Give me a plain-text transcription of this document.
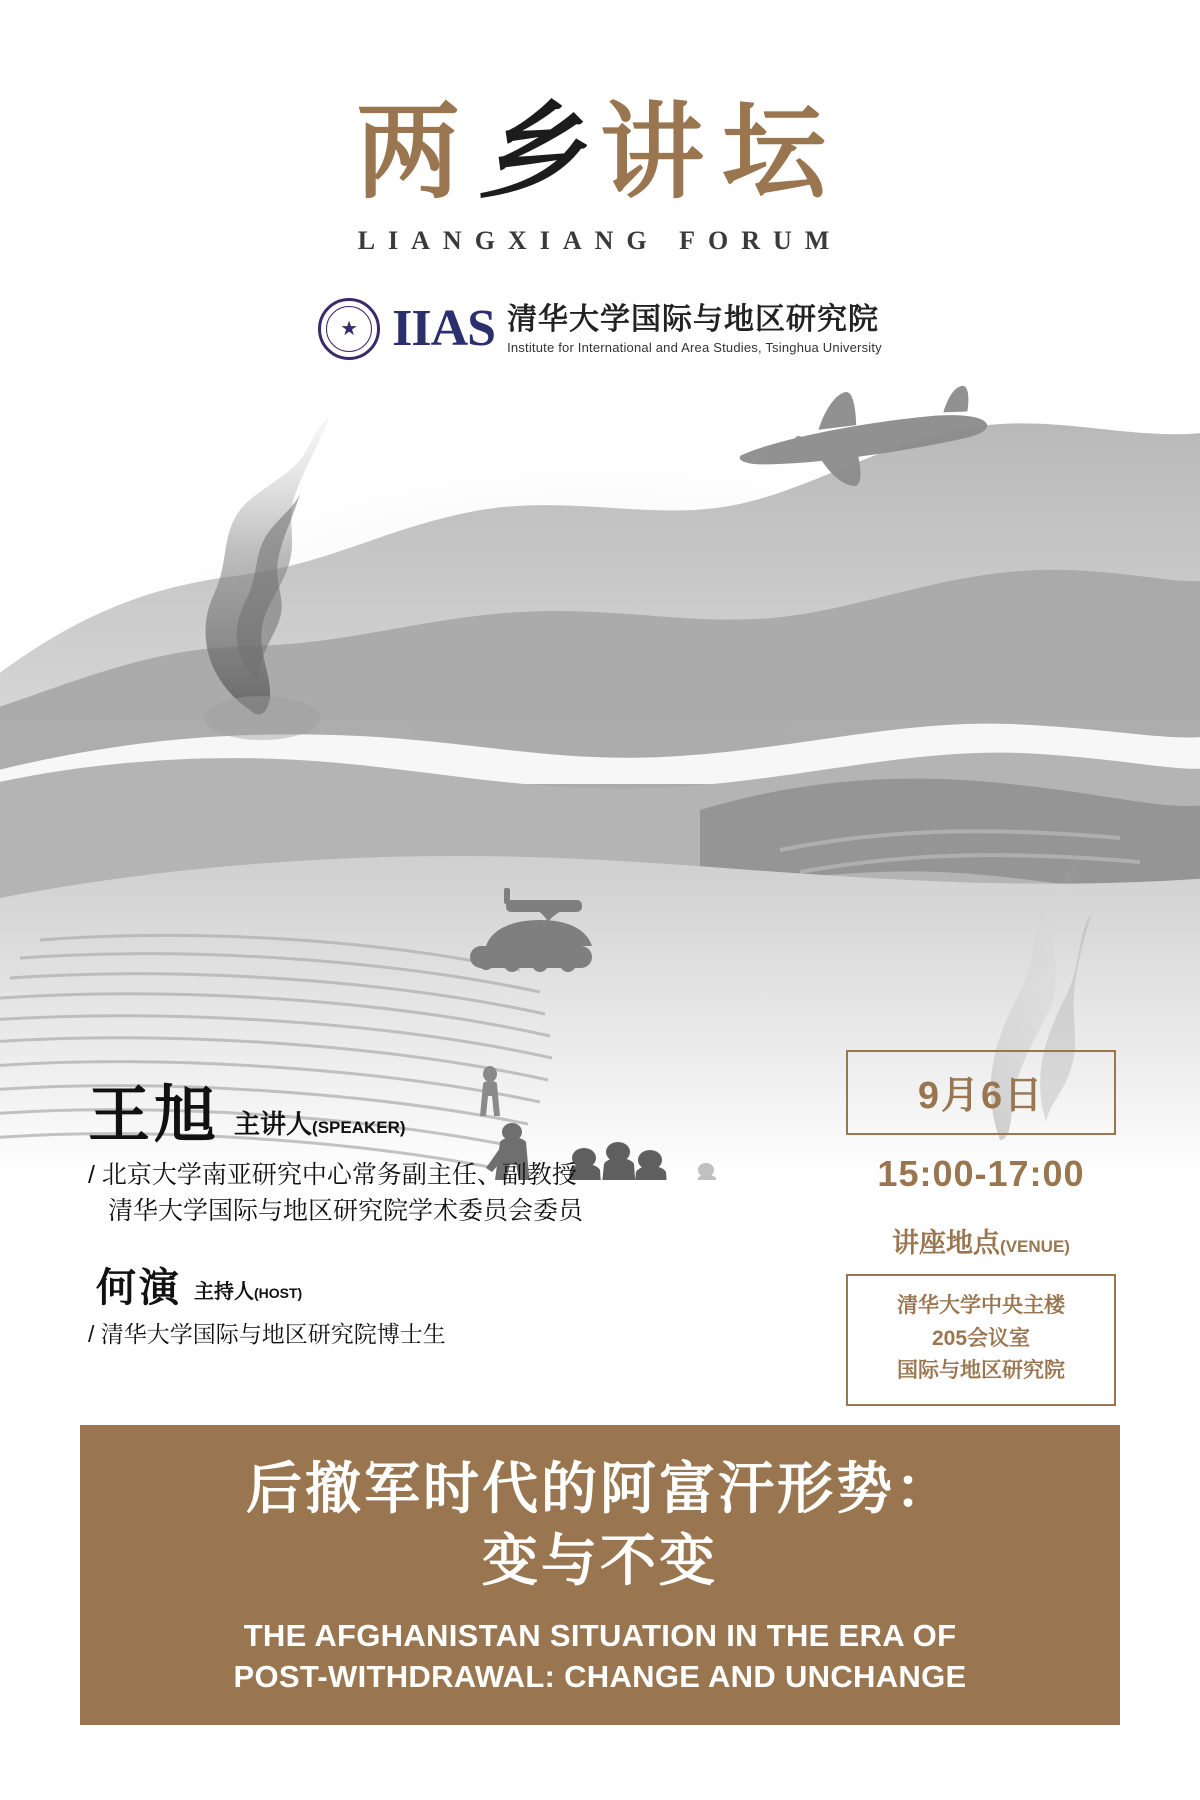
两乡讲坛
LIANGXIANG FORUM
★ IIAS 清华大学国际与地区研究院
Institute for International and Area Studies, Tsinghua University
王旭 主讲人(SPEAKER)
/ 北京大学南亚研究中心常务副主任、副教授
清华大学国际与地区研究院学术委员会委员
何演 主持人(HOST)
/ 清华大学国际与地区研究院博士生
9月6日
15:00-17:00
讲座地点(VENUE)
清华大学中央主楼
205会议室
国际与地区研究院
后撤军时代的阿富汗形势：
变与不变
THE AFGHANISTAN SITUATION IN THE ERA OF
POST-WITHDRAWAL: CHANGE AND UNCHANGE
